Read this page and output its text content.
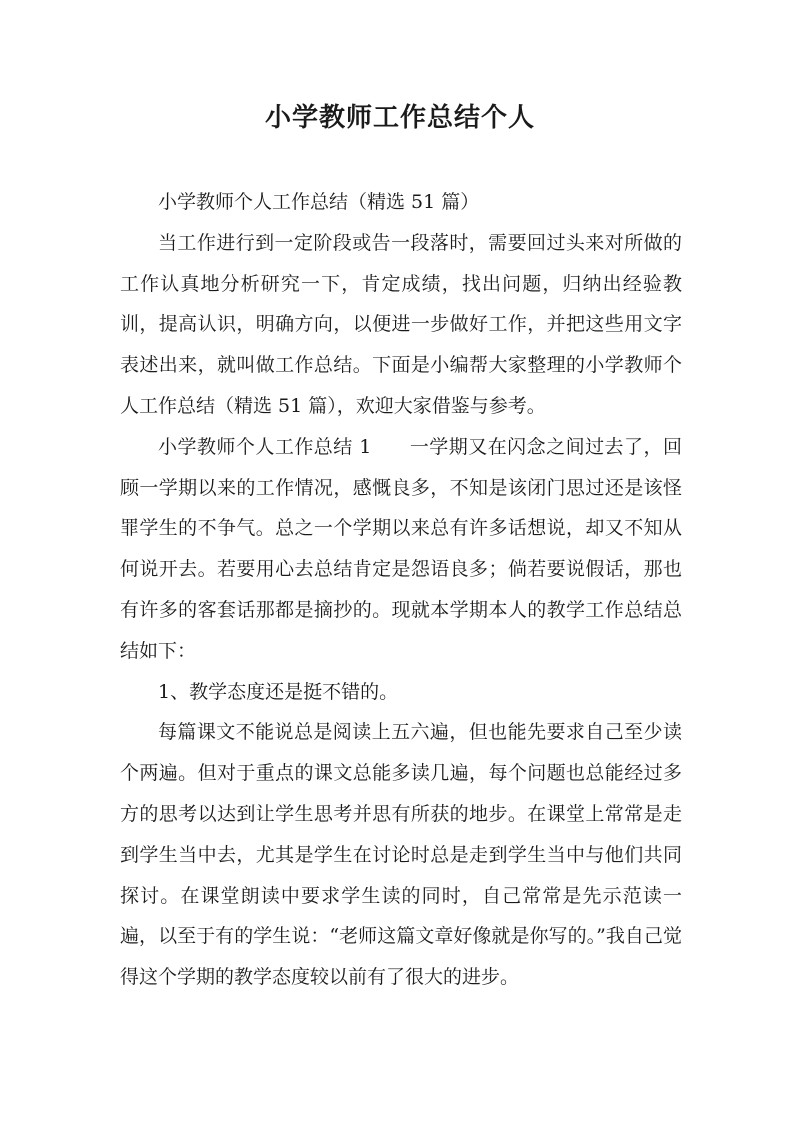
小学教师工作总结个人

小学教师个人工作总结（精选 51 篇）

当工作进行到一定阶段或告一段落时，需要回过头来对所做的工作认真地分析研究一下，肯定成绩，找出问题，归纳出经验教训，提高认识，明确方向，以便进一步做好工作，并把这些用文字表述出来，就叫做工作总结。下面是小编帮大家整理的小学教师个人工作总结（精选 51 篇），欢迎大家借鉴与参考。

小学教师个人工作总结 1 一学期又在闪念之间过去了，回顾一学期以来的工作情况，感慨良多，不知是该闭门思过还是该怪罪学生的不争气。总之一个学期以来总有许多话想说，却又不知从何说开去。若要用心去总结肯定是怨语良多；倘若要说假话，那也有许多的客套话那都是摘抄的。现就本学期本人的教学工作总结总结如下：

1、教学态度还是挺不错的。

每篇课文不能说总是阅读上五六遍，但也能先要求自己至少读个两遍。但对于重点的课文总能多读几遍，每个问题也总能经过多方的思考以达到让学生思考并思有所获的地步。在课堂上常常是走到学生当中去，尤其是学生在讨论时总是走到学生当中与他们共同探讨。在课堂朗读中要求学生读的同时，自己常常是先示范读一遍，以至于有的学生说：“老师这篇文章好像就是你写的。”我自己觉得这个学期的教学态度较以前有了很大的进步。
